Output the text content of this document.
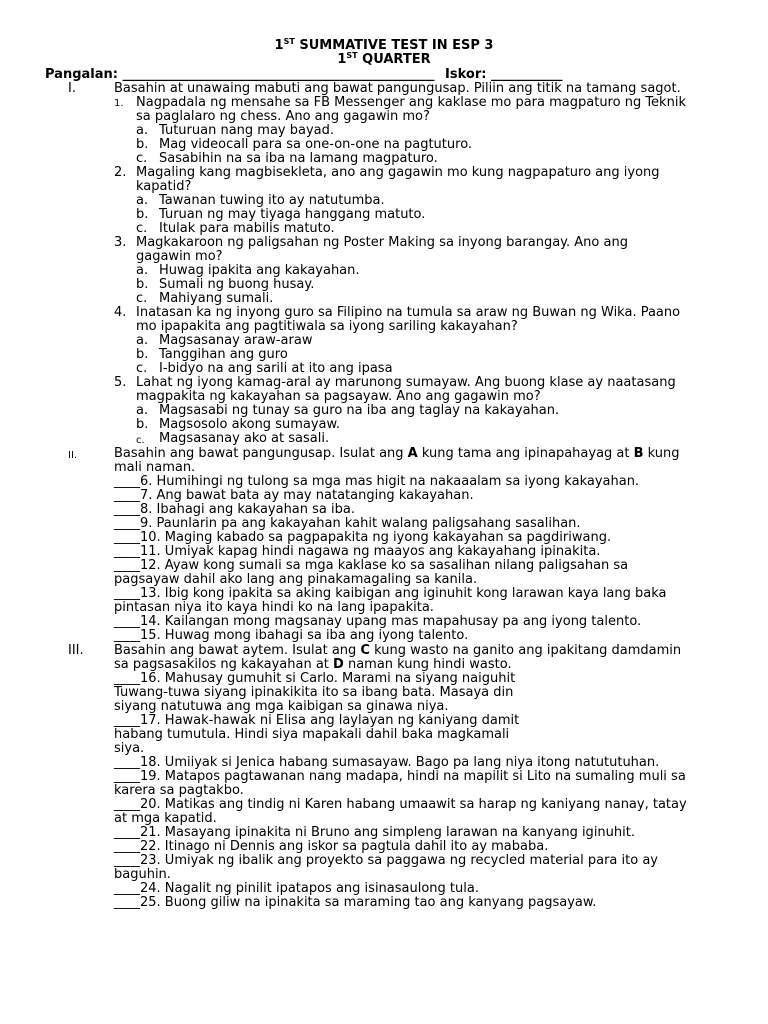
1ST SUMMATIVE TEST IN ESP 3
1ST QUARTER
Pangalan: ________________________________________________ Iskor: ___________
I.	Basahin at unawaing mabuti ang bawat pangungusap. Piliin ang titik na tamang sagot.
1. Nagpadala ng mensahe sa FB Messenger ang kaklase mo para magpaturo ng Teknik
sa paglalaro ng chess. Ano ang gagawin mo?
a. Tuturuan nang may bayad.
b. Mag videocall para sa one-on-one na pagtuturo.
c. Sasabihin na sa iba na lamang magpaturo.
2. Magaling kang magbisekleta, ano ang gagawin mo kung nagpapaturo ang iyong
kapatid?
a. Tawanan tuwing ito ay natutumba.
b. Turuan ng may tiyaga hanggang matuto.
c. Itulak para mabilis matuto.
3. Magkakaroon ng paligsahan ng Poster Making sa inyong barangay. Ano ang
gagawin mo?
a. Huwag ipakita ang kakayahan.
b. Sumali ng buong husay.
c. Mahiyang sumali.
4. Inatasan ka ng inyong guro sa Filipino na tumula sa araw ng Buwan ng Wika. Paano
mo ipapakita ang pagtitiwala sa iyong sariling kakayahan?
a. Magsasanay araw-araw
b. Tanggihan ang guro
c. I-bidyo na ang sarili at ito ang ipasa
5. Lahat ng iyong kamag-aral ay marunong sumayaw. Ang buong klase ay naatasang
magpakita ng kakayahan sa pagsayaw. Ano ang gagawin mo?
a. Magsasabi ng tunay sa guro na iba ang taglay na kakayahan.
b. Magsosolo akong sumayaw.
c. Magsasanay ako at sasali.
II.	Basahin ang bawat pangungusap. Isulat ang A kung tama ang ipinapahayag at B kung
mali naman.
____6. Humihingi ng tulong sa mga mas higit na nakaaalam sa iyong kakayahan.
____7. Ang bawat bata ay may natatanging kakayahan.
____8. Ibahagi ang kakayahan sa iba.
____9. Paunlarin pa ang kakayahan kahit walang paligsahang sasalihan.
____10. Maging kabado sa pagpapakita ng iyong kakayahan sa pagdiriwang.
____11. Umiyak kapag hindi nagawa ng maayos ang kakayahang ipinakita.
____12. Ayaw kong sumali sa mga kaklase ko sa sasalihan nilang paligsahan sa
pagsayaw dahil ako lang ang pinakamagaling sa kanila.
____13. Ibig kong ipakita sa aking kaibigan ang iginuhit kong larawan kaya lang baka
pintasan niya ito kaya hindi ko na lang ipapakita.
____14. Kailangan mong magsanay upang mas mapahusay pa ang iyong talento.
____15. Huwag mong ibahagi sa iba ang iyong talento.
III. Basahin ang bawat aytem. Isulat ang C kung wasto na ganito ang ipakitang damdamin
sa pagsasakilos ng kakayahan at D naman kung hindi wasto.
____16. Mahusay gumuhit si Carlo. Marami na siyang naiguhit
Tuwang-tuwa siyang ipinakikita ito sa ibang bata. Masaya din
siyang natutuwa ang mga kaibigan sa ginawa niya.
____17. Hawak-hawak ni Elisa ang laylayan ng kaniyang damit
habang tumutula. Hindi siya mapakali dahil baka magkamali
siya.
____18. Umiiyak si Jenica habang sumasayaw. Bago pa lang niya itong natututuhan.
____19. Matapos pagtawanan nang madapa, hindi na mapilit si Lito na sumaling muli sa
karera sa pagtakbo.
____20. Matikas ang tindig ni Karen habang umaawit sa harap ng kaniyang nanay, tatay
at mga kapatid.
____21. Masayang ipinakita ni Bruno ang simpleng larawan na kanyang iginuhit.
____22. Itinago ni Dennis ang iskor sa pagtula dahil ito ay mababa.
____23. Umiyak ng ibalik ang proyekto sa paggawa ng recycled material para ito ay
baguhin.
____24. Nagalit ng pinilit ipatapos ang isinasaulong tula.
____25. Buong giliw na ipinakita sa maraming tao ang kanyang pagsayaw.
